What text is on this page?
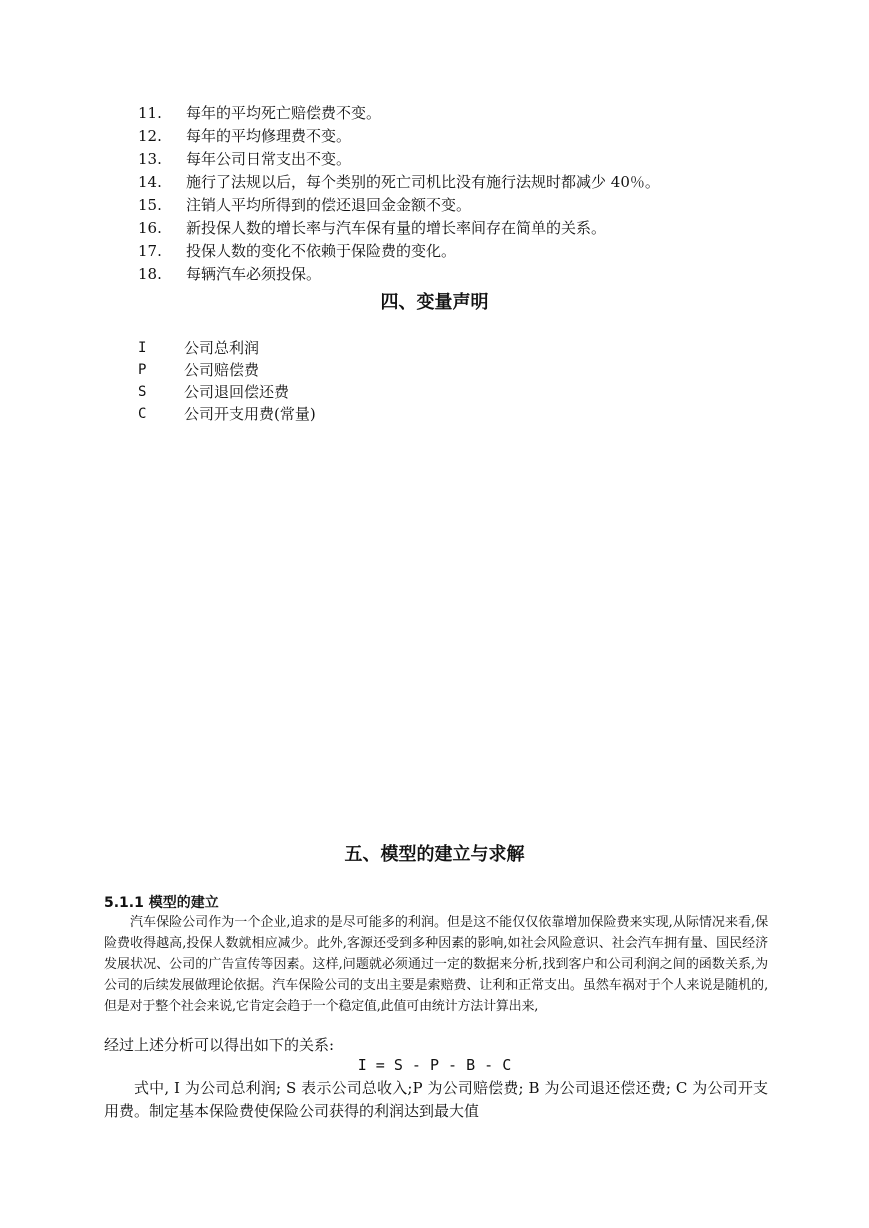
11.	每年的平均死亡赔偿费不变。
12.	每年的平均修理费不变。
13.	每年公司日常支出不变。
14.	施行了法规以后，每个类别的死亡司机比没有施行法规时都减少 40％。
15.	注销人平均所得到的偿还退回金金额不变。
16.	新投保人数的增长率与汽车保有量的增长率间存在简单的关系。
17.	投保人数的变化不依赖于保险费的变化。
18.	每辆汽车必须投保。
四、变量声明
I	公司总利润
P	公司赔偿费
S	公司退回偿还费
C	公司开支用费(常量)
五、模型的建立与求解
5.1.1 模型的建立
汽车保险公司作为一个企业,追求的是尽可能多的利润。但是这不能仅仅依靠增加保险费来实现,从际情况来看,保险费收得越高,投保人数就相应减少。此外,客源还受到多种因素的影响,如社会风险意识、社会汽车拥有量、国民经济发展状况、公司的广告宣传等因素。这样,问题就必须通过一定的数据来分析,找到客户和公司利润之间的函数关系,为公司的后续发展做理论依据。汽车保险公司的支出主要是索赔费、让利和正常支出。虽然车祸对于个人来说是随机的,但是对于整个社会来说,它肯定会趋于一个稳定值,此值可由统计方法计算出来,
经过上述分析可以得出如下的关系:
I = S - P - B - C
式中, I 为公司总利润; S 表示公司总收入;P 为公司赔偿费; B 为公司退还偿还费; C 为公司开支用费。制定基本保险费使保险公司获得的利润达到最大值
